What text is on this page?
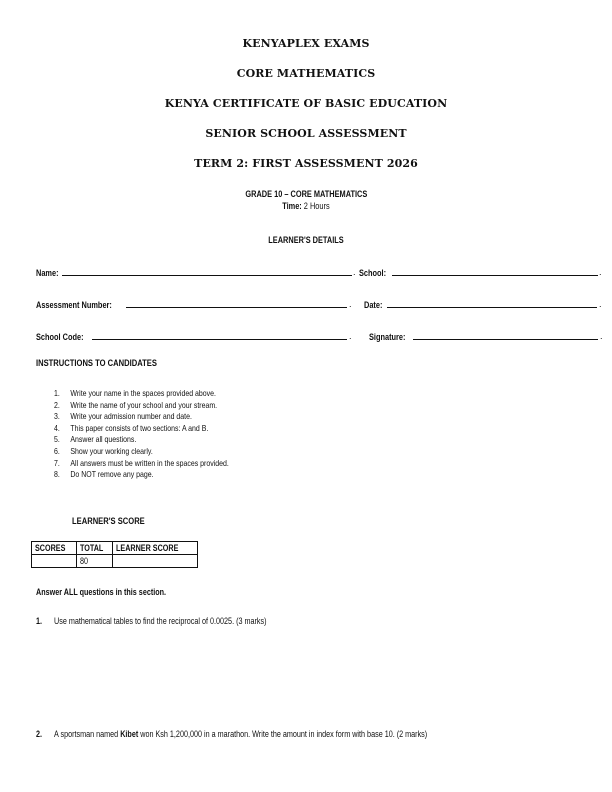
KENYAPLEX EXAMS

CORE MATHEMATICS

KENYA CERTIFICATE OF BASIC EDUCATION

SENIOR SCHOOL ASSESSMENT

TERM 2: FIRST ASSESSMENT 2026

GRADE 10 – CORE MATHEMATICS
Time: 2 Hours
LEARNER'S DETAILS
Name:	. School:	.
Assessment Number:	. Date:	.
School Code:	. Signature:	.
INSTRUCTIONS TO CANDIDATES
1. Write your name in the spaces provided above.
2. Write the name of your school and your stream.
3. Write your admission number and date.
4. This paper consists of two sections: A and B.
5. Answer all questions.
6. Show your working clearly.
7. All answers must be written in the spaces provided.
8. Do NOT remove any page.
LEARNER'S SCORE
SCORES	TOTAL	LEARNER SCORE
	80	
Answer ALL questions in this section.
1. Use mathematical tables to find the reciprocal of 0.0025. (3 marks)
2. A sportsman named Kibet won Ksh 1,200,000 in a marathon. Write the amount in index form with base 10. (2 marks)
